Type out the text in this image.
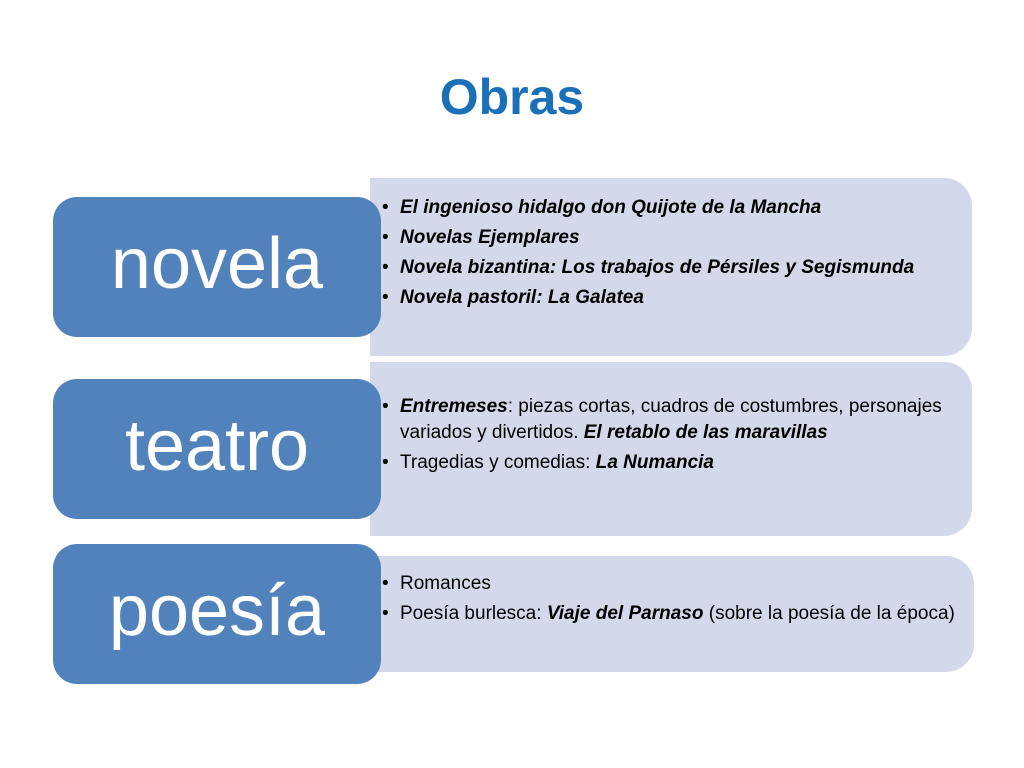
Obras
• El ingenioso hidalgo don Quijote de la Mancha
• Novelas Ejemplares
• Novela bizantina: Los trabajos de Pérsiles y Segismunda
• Novela pastoril: La Galatea
novela
• Entremeses: piezas cortas, cuadros de costumbres, personajes variados y divertidos. El retablo de las maravillas
• Tragedias y comedias: La Numancia
teatro
• Romances
• Poesía burlesca: Viaje del Parnaso (sobre la poesía de la época)
poesía
